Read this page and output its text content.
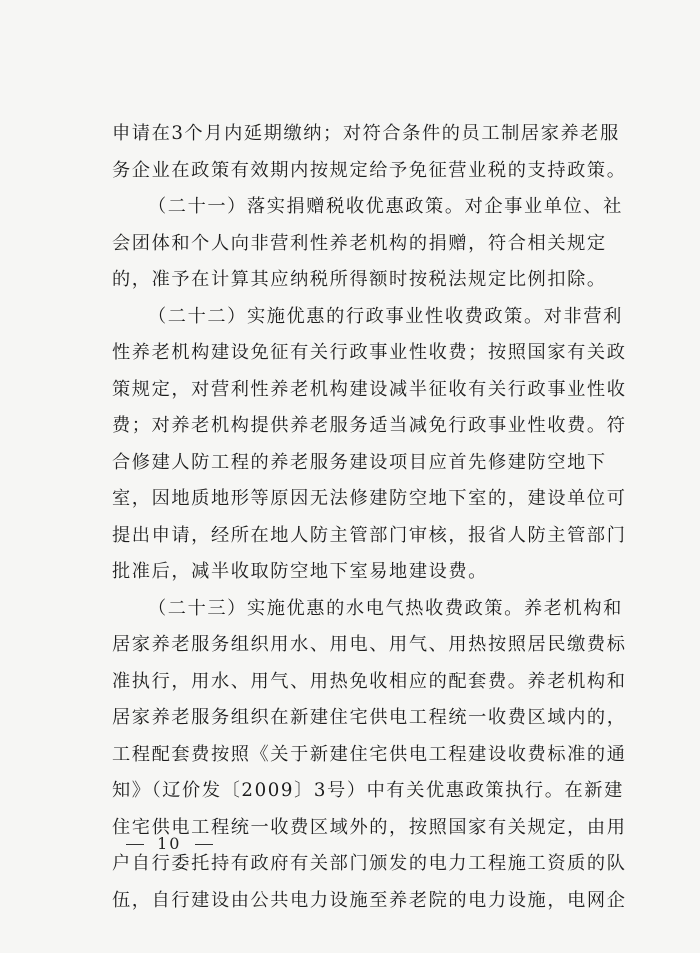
申请在3个月内延期缴纳；对符合条件的员工制居家养老服
务企业在政策有效期内按规定给予免征营业税的支持政策。
（二十一）落实捐赠税收优惠政策。对企事业单位、社
会团体和个人向非营利性养老机构的捐赠，符合相关规定
的，准予在计算其应纳税所得额时按税法规定比例扣除。
（二十二）实施优惠的行政事业性收费政策。对非营利
性养老机构建设免征有关行政事业性收费；按照国家有关政
策规定，对营利性养老机构建设减半征收有关行政事业性收
费；对养老机构提供养老服务适当减免行政事业性收费。符
合修建人防工程的养老服务建设项目应首先修建防空地下
室，因地质地形等原因无法修建防空地下室的，建设单位可
提出申请，经所在地人防主管部门审核，报省人防主管部门
批准后，减半收取防空地下室易地建设费。
（二十三）实施优惠的水电气热收费政策。养老机构和
居家养老服务组织用水、用电、用气、用热按照居民缴费标
准执行，用水、用气、用热免收相应的配套费。养老机构和
居家养老服务组织在新建住宅供电工程统一收费区域内的，
工程配套费按照《关于新建住宅供电工程建设收费标准的通
知》（辽价发〔2009〕3号）中有关优惠政策执行。在新建
住宅供电工程统一收费区域外的，按照国家有关规定，由用
户自行委托持有政府有关部门颁发的电力工程施工资质的队
伍，自行建设由公共电力设施至养老院的电力设施，电网企
10
